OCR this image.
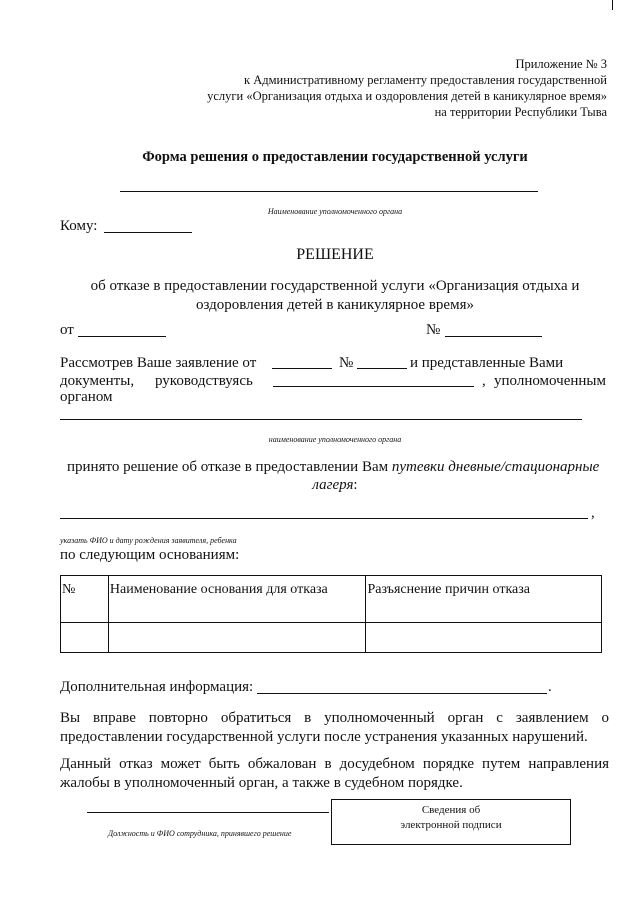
Приложение № 3
к Административному регламенту предоставления государственной
услуги «Организация отдыха и оздоровления детей в каникулярное время»
на территории Республики Тыва
Форма решения о предоставлении государственной услуги
Наименование уполномоченного органа
Кому:
РЕШЕНИЕ
об отказе в предоставлении государственной услуги «Организация отдыха и
оздоровления детей в каникулярное время»
от	№
Рассмотрев Ваше заявление от	№	и представленные Вами
документы, руководствуясь	, уполномоченным
органом
наименование уполномоченного органа
принято решение об отказе в предоставлении Вам путевки дневные/стационарные
лагеря:
,
указать ФИО и дату рождения заявителя, ребенка
по следующим основаниям:
№	Наименование основания для отказа	Разъяснение причин отказа

Дополнительная информация:	.
Вы вправе повторно обратиться в уполномоченный орган с заявлением о
предоставлении государственной услуги после устранения указанных нарушений.
Данный отказ может быть обжалован в досудебном порядке путем направления
жалобы в уполномоченный орган, а также в судебном порядке.
Должность и ФИО сотрудника, принявшего решение
Сведения об
электронной подписи
